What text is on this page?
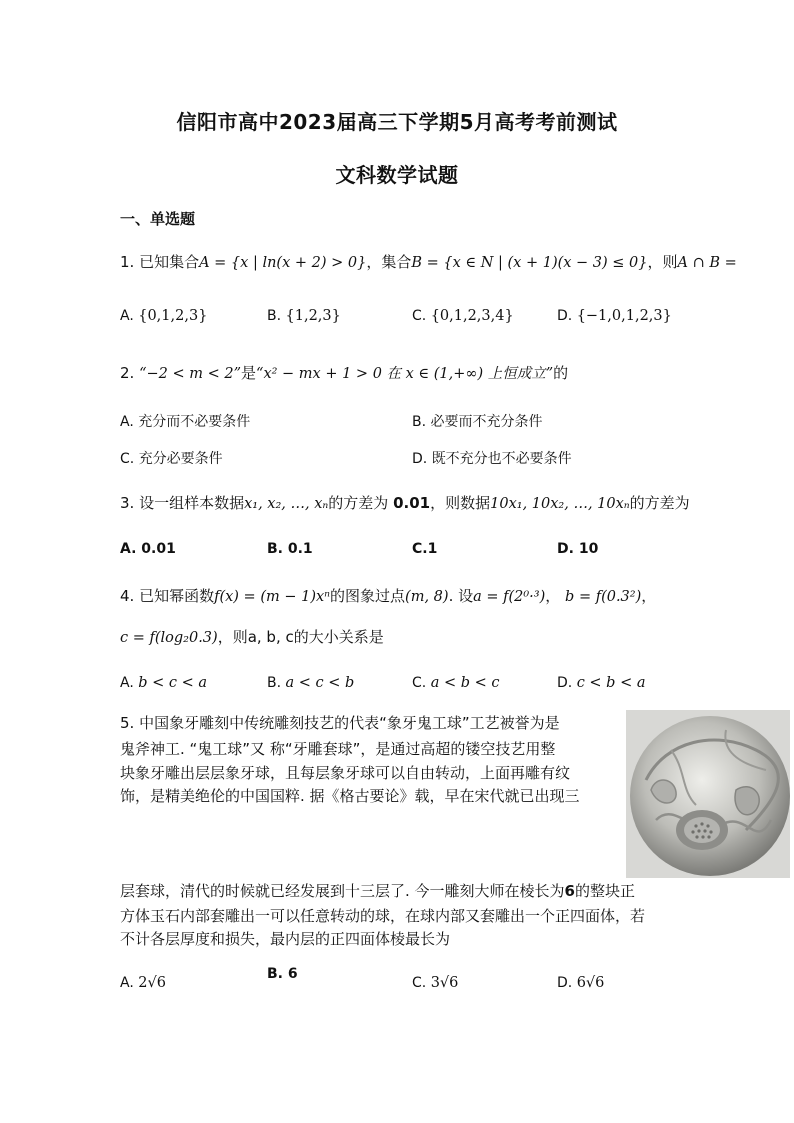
信阳市高中2023届高三下学期5月高考考前测试
文科数学试题
一、单选题
1. 已知集合A = {x | ln(x + 2) > 0}，集合B = {x ∈ N | (x + 1)(x − 3) ≤ 0}，则A ∩ B =
A. {0,1,2,3}	B. {1,2,3}	C. {0,1,2,3,4}	D. {−1,0,1,2,3}
2. “−2 < m < 2”是“x² − mx + 1 > 0 在 x ∈ (1,+∞) 上恒成立”的
A. 充分而不必要条件	B. 必要而不充分条件
C. 充分必要条件	D. 既不充分也不必要条件
3. 设一组样本数据x₁, x₂, …, xₙ的方差为 0.01，则数据10x₁, 10x₂, …, 10xₙ的方差为
A. 0.01	B. 0.1	C.1	D. 10
4. 已知幂函数f(x) = (m − 1)xⁿ的图象过点(m, 8). 设a = f(2⁰·³)， b = f(0.3²)，
c = f(log₂0.3)，则a, b, c的大小关系是
A. b < c < a	B. a < c < b	C. a < b < c	D. c < b < a
5. 中国象牙雕刻中传统雕刻技艺的代表“象牙鬼工球”工艺被誉为是
鬼斧神工. “鬼工球”又 称“牙雕套球”，是通过高超的镂空技艺用整
块象牙雕出层层象牙球，且每层象牙球可以自由转动，上面再雕有纹
饰，是精美绝伦的中国国粹. 据《格古要论》载，早在宋代就已出现三
层套球，清代的时候就已经发展到十三层了. 今一雕刻大师在棱长为6的整块正
方体玉石内部套雕出一可以任意转动的球，在球内部又套雕出一个正四面体，若
不计各层厚度和损失，最内层的正四面体棱最长为
A. 2√6
B. 6
C. 3√6	D. 6√6
